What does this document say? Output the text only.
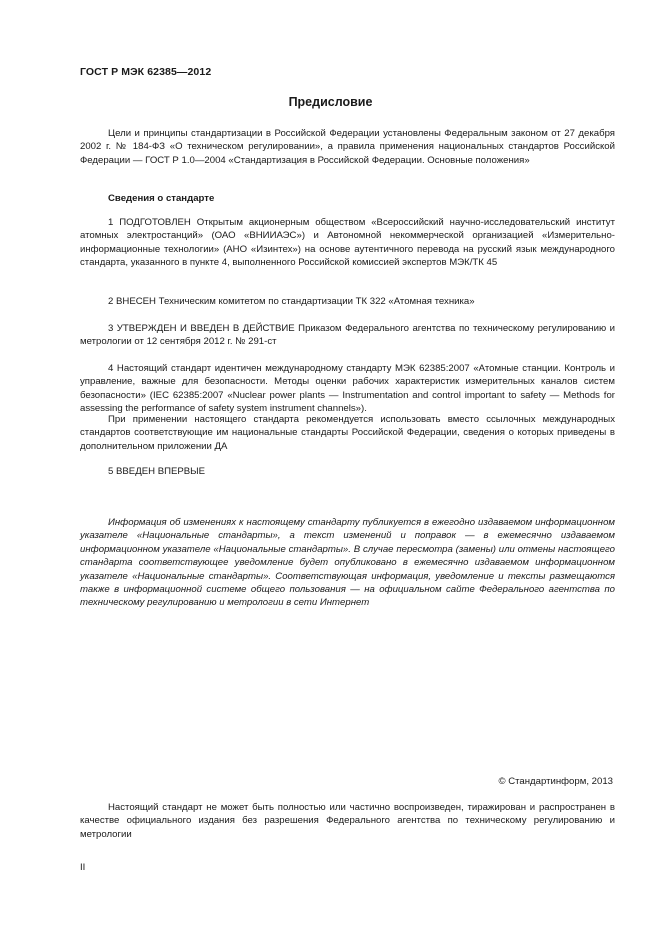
ГОСТ Р МЭК 62385—2012
Предисловие
Цели и принципы стандартизации в Российской Федерации установлены Федеральным законом от 27 декабря 2002 г. № 184-ФЗ «О техническом регулировании», а правила применения национальных стандартов Российской Федерации — ГОСТ Р 1.0—2004 «Стандартизация в Российской Федерации. Основные положения»
Сведения о стандарте
1 ПОДГОТОВЛЕН Открытым акционерным обществом «Всероссийский научно-исследовательский институт атомных электростанций» (ОАО «ВНИИАЭС») и Автономной некоммерческой организацией «Измерительно-информационные технологии» (АНО «Изинтех») на основе аутентичного перевода на русский язык международного стандарта, указанного в пункте 4, выполненного Российской комиссией экспертов МЭК/ТК 45
2 ВНЕСЕН Техническим комитетом по стандартизации ТК 322 «Атомная техника»
3 УТВЕРЖДЕН И ВВЕДЕН В ДЕЙСТВИЕ Приказом Федерального агентства по техническому регулированию и метрологии от 12 сентября 2012 г. № 291-ст
4 Настоящий стандарт идентичен международному стандарту МЭК 62385:2007 «Атомные станции. Контроль и управление, важные для безопасности. Методы оценки рабочих характеристик измерительных каналов систем безопасности» (IEC 62385:2007 «Nuclear power plants — Instrumentation and control important to safety — Methods for assessing the performance of safety system instrument channels»).
При применении настоящего стандарта рекомендуется использовать вместо ссылочных международных стандартов соответствующие им национальные стандарты Российской Федерации, сведения о которых приведены в дополнительном приложении ДА
5 ВВЕДЕН ВПЕРВЫЕ
Информация об изменениях к настоящему стандарту публикуется в ежегодно издаваемом информационном указателе «Национальные стандарты», а текст изменений и поправок — в ежемесячно издаваемом информационном указателе «Национальные стандарты». В случае пересмотра (замены) или отмены настоящего стандарта соответствующее уведомление будет опубликовано в ежемесячно издаваемом информационном указателе «Национальные стандарты». Соответствующая информация, уведомление и тексты размещаются также в информационной системе общего пользования — на официальном сайте Федерального агентства по техническому регулированию и метрологии в сети Интернет
© Стандартинформ, 2013
Настоящий стандарт не может быть полностью или частично воспроизведен, тиражирован и распространен в качестве официального издания без разрешения Федерального агентства по техническому регулированию и метрологии
II
